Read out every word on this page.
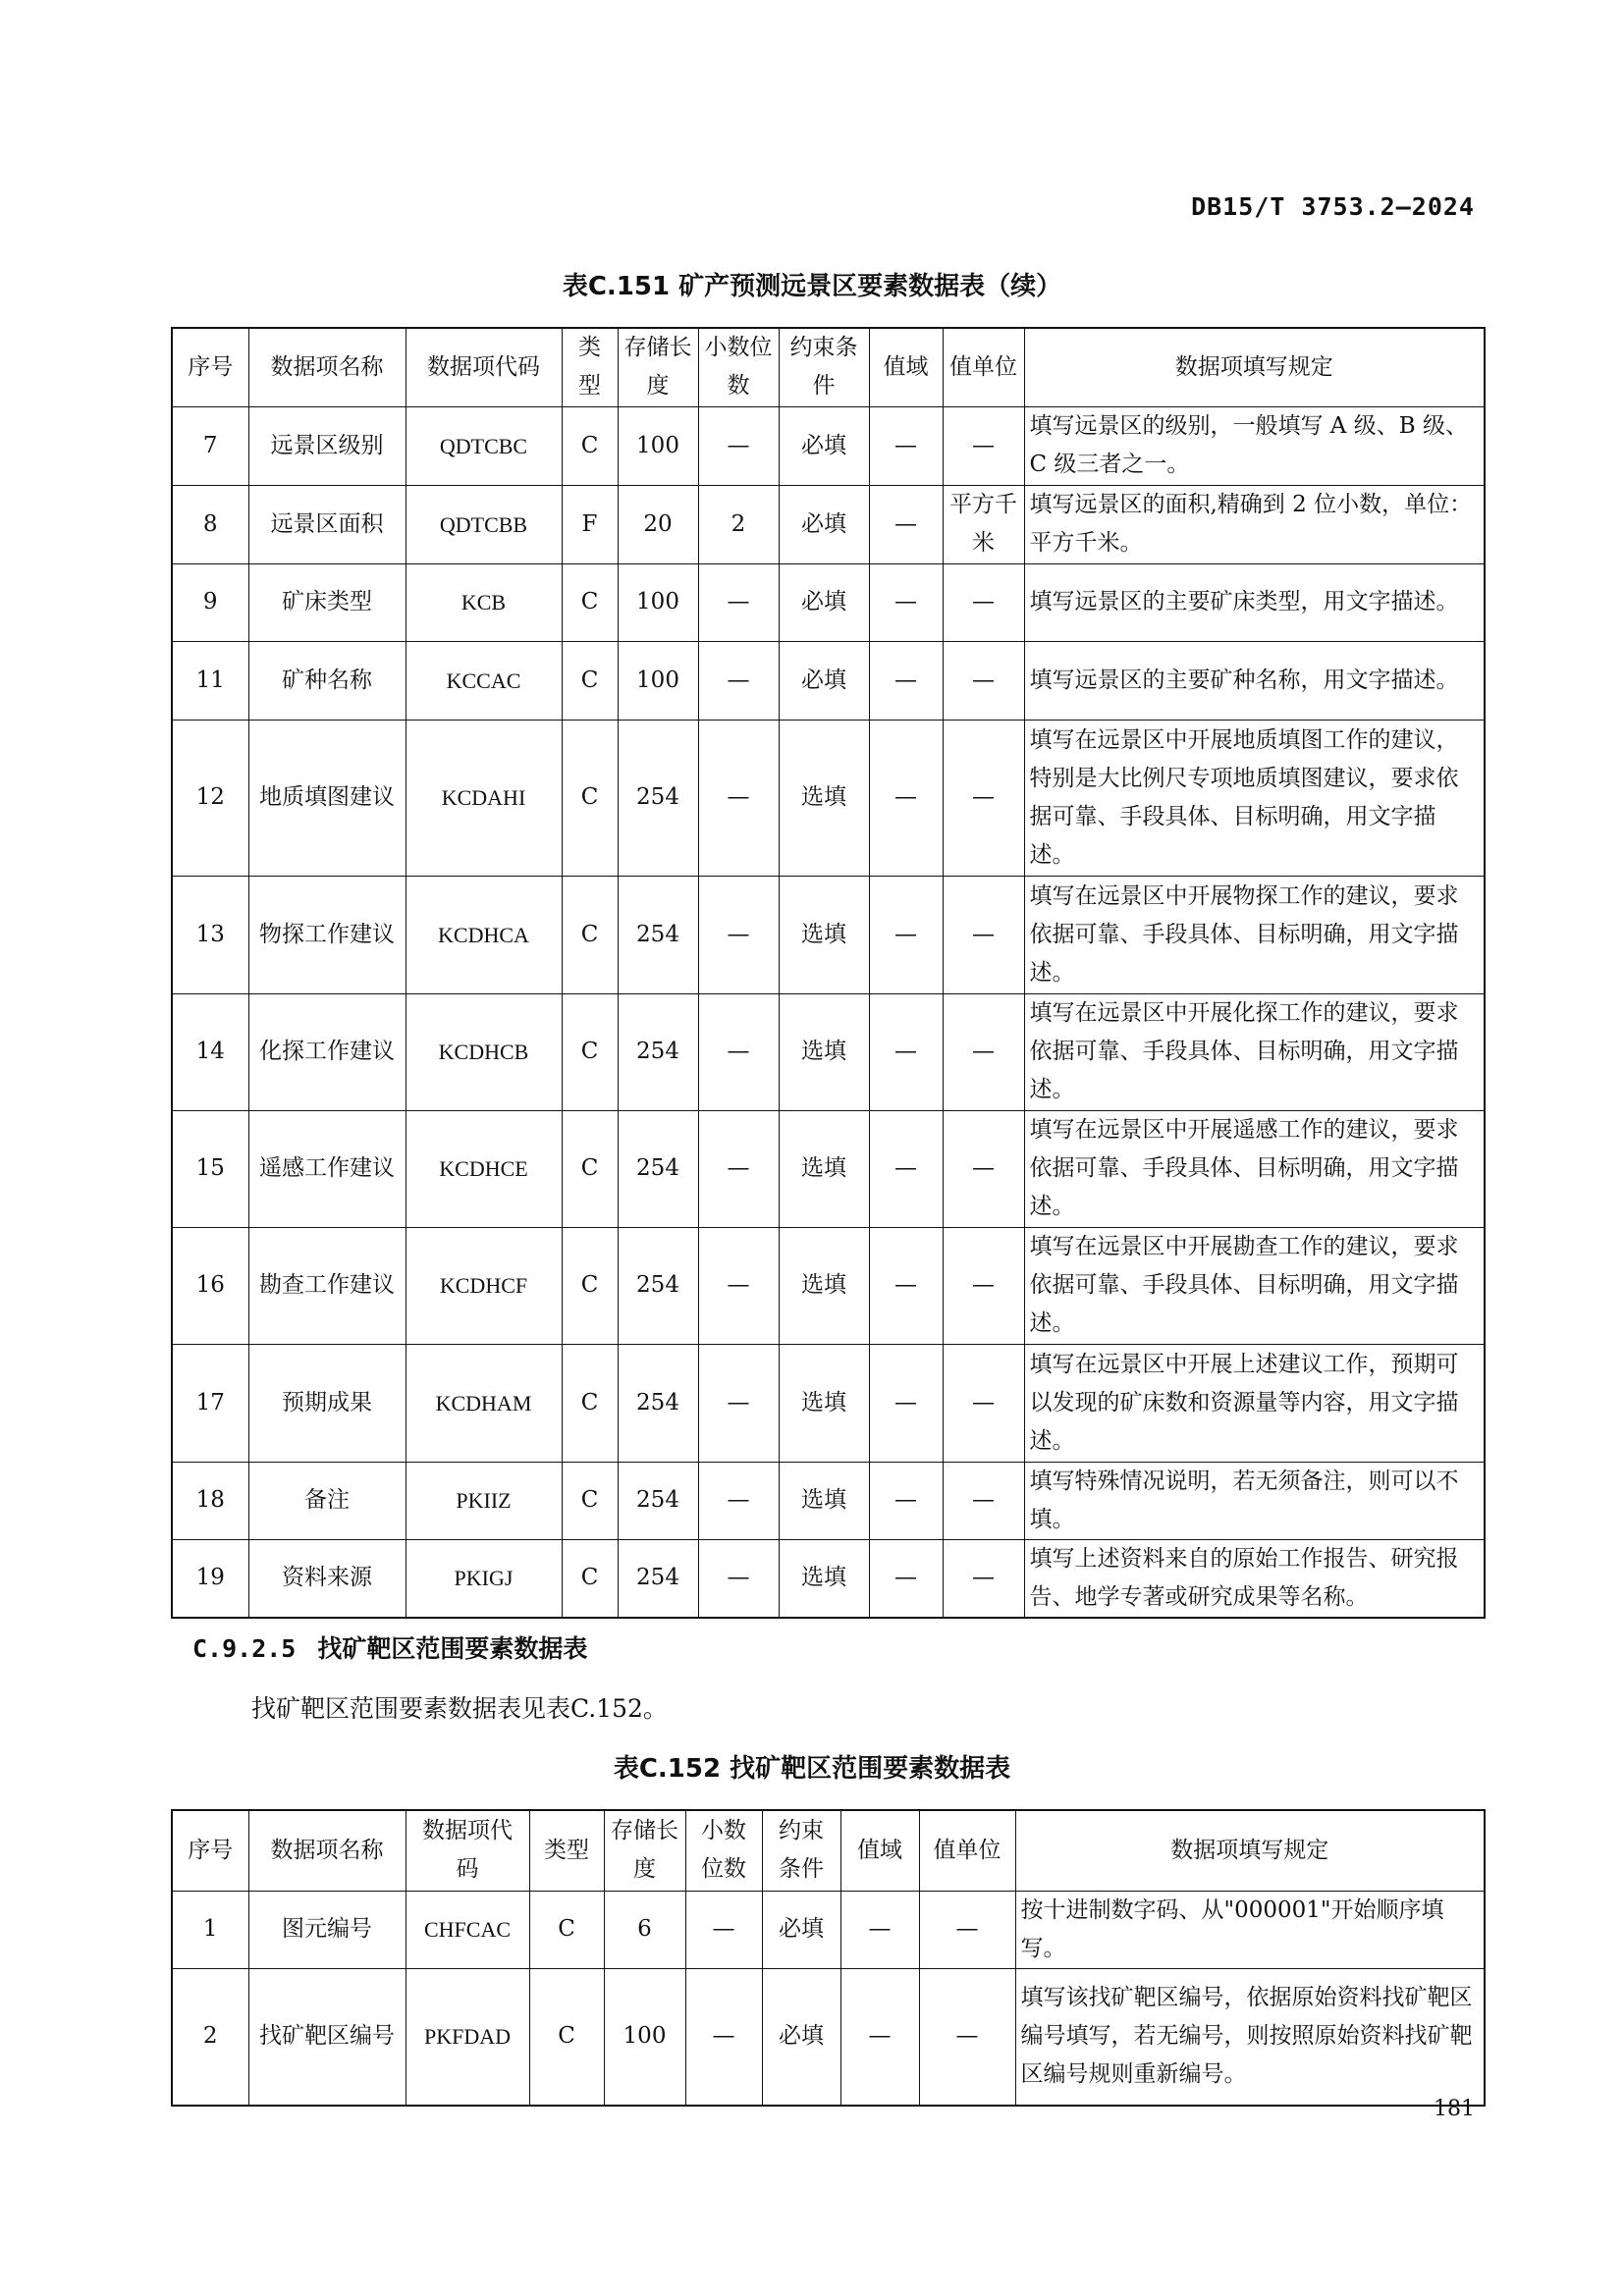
DB15/T 3753.2—2024
表C.151 矿产预测远景区要素数据表（续）
序号	数据项名称	数据项代码	类型	存储长度	小数位数	约束条件	值域	值单位	数据项填写规定
7	远景区级别	QDTCBC	C	100	—	必填	—	—	填写远景区的级别，一般填写 A 级、B 级、C 级三者之一。
8	远景区面积	QDTCBB	F	20	2	必填	—	平方千米	填写远景区的面积,精确到 2 位小数，单位：平方千米。
9	矿床类型	KCB	C	100	—	必填	—	—	填写远景区的主要矿床类型，用文字描述。
11	矿种名称	KCCAC	C	100	—	必填	—	—	填写远景区的主要矿种名称，用文字描述。
12	地质填图建议	KCDAHI	C	254	—	选填	—	—	填写在远景区中开展地质填图工作的建议，特别是大比例尺专项地质填图建议，要求依据可靠、手段具体、目标明确，用文字描述。
13	物探工作建议	KCDHCA	C	254	—	选填	—	—	填写在远景区中开展物探工作的建议，要求依据可靠、手段具体、目标明确，用文字描述。
14	化探工作建议	KCDHCB	C	254	—	选填	—	—	填写在远景区中开展化探工作的建议，要求依据可靠、手段具体、目标明确，用文字描述。
15	遥感工作建议	KCDHCE	C	254	—	选填	—	—	填写在远景区中开展遥感工作的建议，要求依据可靠、手段具体、目标明确，用文字描述。
16	勘查工作建议	KCDHCF	C	254	—	选填	—	—	填写在远景区中开展勘查工作的建议，要求依据可靠、手段具体、目标明确，用文字描述。
17	预期成果	KCDHAM	C	254	—	选填	—	—	填写在远景区中开展上述建议工作，预期可以发现的矿床数和资源量等内容，用文字描述。
18	备注	PKIIZ	C	254	—	选填	—	—	填写特殊情况说明，若无须备注，则可以不填。
19	资料来源	PKIGJ	C	254	—	选填	—	—	填写上述资料来自的原始工作报告、研究报告、地学专著或研究成果等名称。
C.9.2.5 找矿靶区范围要素数据表
找矿靶区范围要素数据表见表C.152。
表C.152 找矿靶区范围要素数据表
序号	数据项名称	数据项代码	类型	存储长度	小数位数	约束条件	值域	值单位	数据项填写规定
1	图元编号	CHFCAC	C	6	—	必填	—	—	按十进制数字码、从"000001"开始顺序填写。
2	找矿靶区编号	PKFDAD	C	100	—	必填	—	—	填写该找矿靶区编号，依据原始资料找矿靶区编号填写，若无编号，则按照原始资料找矿靶区编号规则重新编号。
181
